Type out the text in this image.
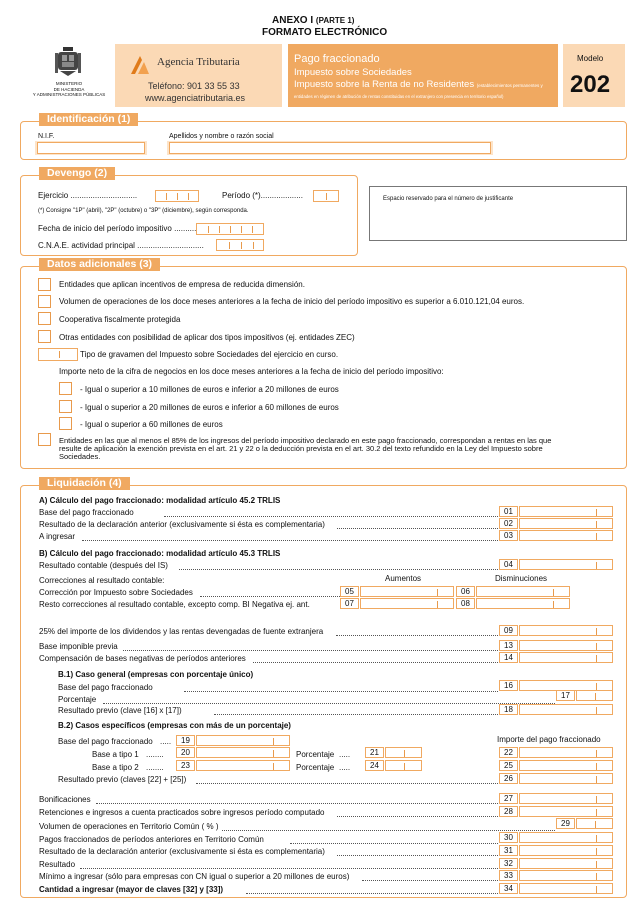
ANEXO I (PARTE 1)
FORMATO ELECTRÓNICO
MINISTERIO
DE HACIENDA
Y ADMINISTRACIONES PÚBLICAS
Agencia Tributaria
Teléfono: 901 33 55 33
www.agenciatributaria.es
Pago fraccionado
Impuesto sobre Sociedades
Impuesto sobre la Renta de no Residentes (establecimientos permanentes y
entidades en régimen de atribución de rentas constituidas en el extranjero con presencia en territorio español)
Modelo
202
Identificación (1)
N.I.F.	Apellidos y nombre o razón social
Devengo (2)
Ejercicio ..............................	Período (*)...................
(*) Consigne "1P" (abril), "2P" (octubre) o "3P" (diciembre), según corresponda.
Fecha de inicio del período impositivo ..........
C.N.A.E. actividad principal ..............................
Espacio reservado para el número de justificante
Datos adicionales (3)
Entidades que aplican incentivos de empresa de reducida dimensión.
Volumen de operaciones de los doce meses anteriores a la fecha de inicio del período impositivo es superior a 6.010.121,04 euros.
Cooperativa fiscalmente protegida
Otras entidades con posibilidad de aplicar dos tipos impositivos (ej. entidades ZEC)
Tipo de gravamen del Impuesto sobre Sociedades del ejercicio en curso.
Importe neto de la cifra de negocios en los doce meses anteriores a la fecha de inicio del período impositivo:
- Igual o superior a 10 millones de euros e inferior a 20 millones de euros
- Igual o superior a 20 millones de euros e inferior a 60 millones de euros
- Igual o superior a 60 millones de euros
Entidades en las que al menos el 85% de los ingresos del período impositivo declarado en este pago fraccionado, correspondan a rentas en las que
resulte de aplicación la exención prevista en el art. 21 y 22 o la deducción prevista en el art. 30.2 del texto refundido en la Ley del Impuesto sobre
Sociedades.
Liquidación (4)
A) Cálculo del pago fraccionado: modalidad artículo 45.2 TRLIS
Base del pago fraccionado	01
Resultado de la declaración anterior (exclusivamente si ésta es complementaria)	02
A ingresar	03
B) Cálculo del pago fraccionado: modalidad artículo 45.3 TRLIS
Resultado contable (después del IS)	04
Correcciones al resultado contable:	Aumentos	Disminuciones
Corrección por Impuesto sobre Sociedades	05	06
Resto correcciones al resultado contable, excepto comp. BI Negativa ej. ant.	07	08
25% del importe de los dividendos y las rentas devengadas de fuente extranjera	09
Base imponible previa	13
Compensación de bases negativas de períodos anteriores	14
B.1) Caso general (empresas con porcentaje único)
Base del pago fraccionado	16
Porcentaje	17
Resultado previo (clave [16] x [17])	18
B.2) Casos específicos (empresas con más de un porcentaje)
Base del pago fraccionado .....	19	Importe del pago fraccionado
Base a tipo 1 ........	20	Porcentaje .....	21	22
Base a tipo 2 ........	23	Porcentaje .....	24	25
Resultado previo (claves [22] + [25])	26
Bonificaciones	27
Retenciones e ingresos a cuenta practicados sobre ingresos período computado	28
Volumen de operaciones en Territorio Común ( % )	29
Pagos fraccionados de períodos anteriores en Territorio Común	30
Resultado de la declaración anterior (exclusivamente si ésta es complementaria)	31
Resultado	32
Mínimo a ingresar (sólo para empresas con CN igual o superior a 20 millones de euros)	33
Cantidad a ingresar (mayor de claves [32] y [33])	34
